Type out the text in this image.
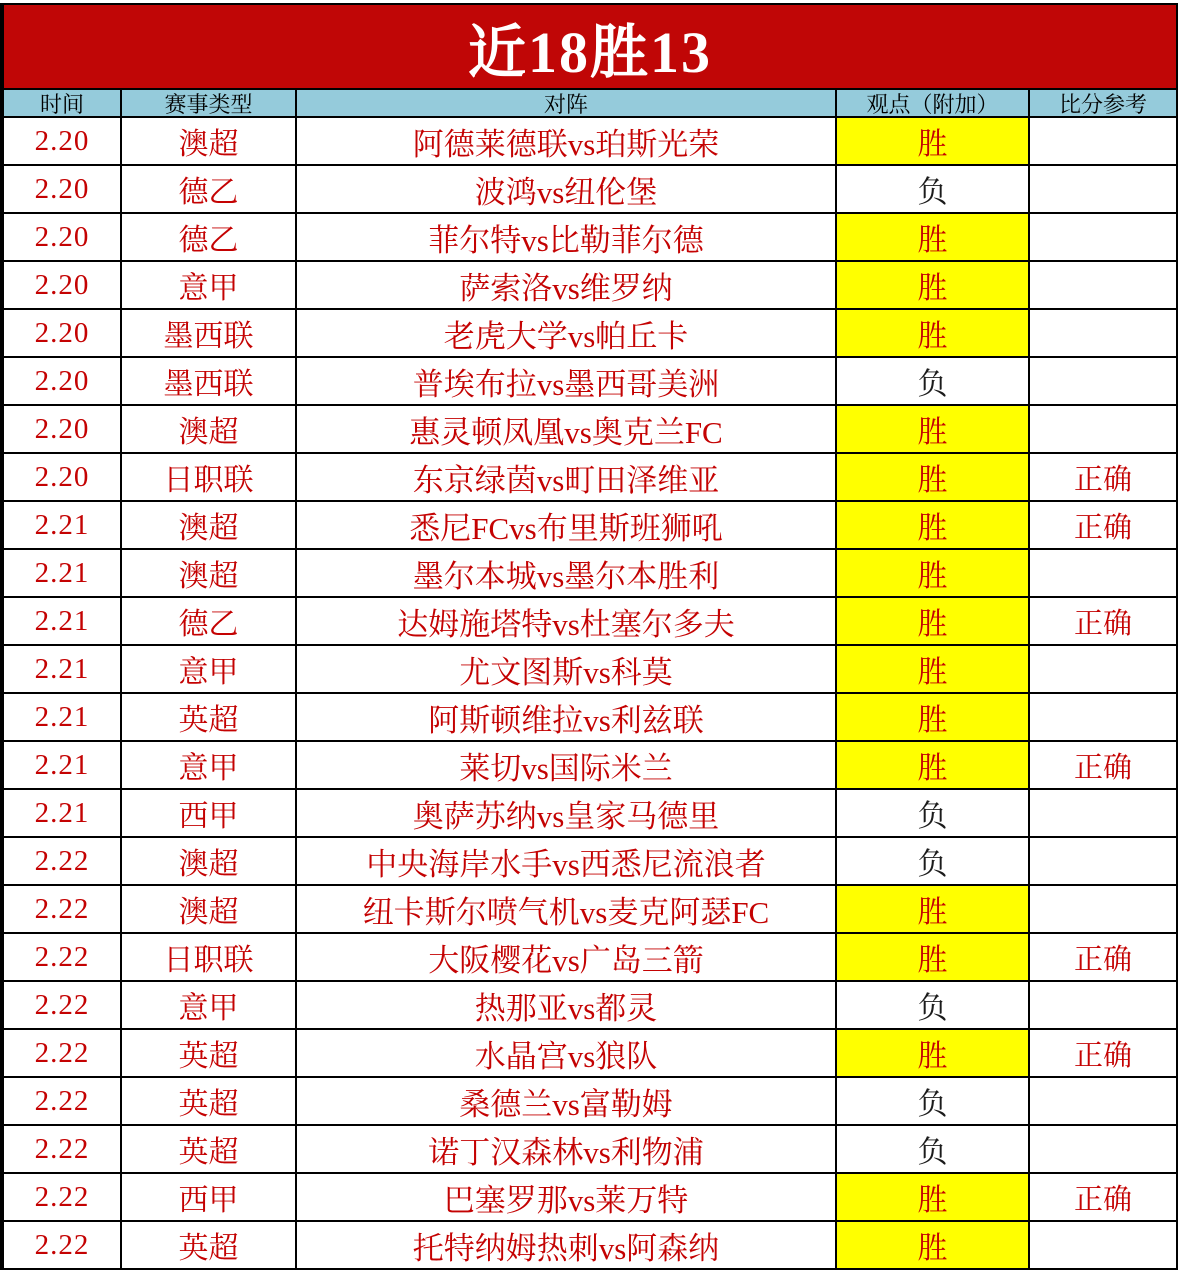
近18胜13
时间	赛事类型	对阵	观点（附加）	比分参考
2.20	澳超	阿德莱德联vs珀斯光荣	胜
2.20	德乙	波鸿vs纽伦堡	负
2.20	德乙	菲尔特vs比勒菲尔德	胜
2.20	意甲	萨索洛vs维罗纳	胜
2.20	墨西联	老虎大学vs帕丘卡	胜
2.20	墨西联	普埃布拉vs墨西哥美洲	负
2.20	澳超	惠灵顿凤凰vs奥克兰FC	胜
2.20	日职联	东京绿茵vs町田泽维亚	胜	正确
2.21	澳超	悉尼FCvs布里斯班狮吼	胜	正确
2.21	澳超	墨尔本城vs墨尔本胜利	胜
2.21	德乙	达姆施塔特vs杜塞尔多夫	胜	正确
2.21	意甲	尤文图斯vs科莫	胜
2.21	英超	阿斯顿维拉vs利兹联	胜
2.21	意甲	莱切vs国际米兰	胜	正确
2.21	西甲	奥萨苏纳vs皇家马德里	负
2.22	澳超	中央海岸水手vs西悉尼流浪者	负
2.22	澳超	纽卡斯尔喷气机vs麦克阿瑟FC	胜
2.22	日职联	大阪樱花vs广岛三箭	胜	正确
2.22	意甲	热那亚vs都灵	负
2.22	英超	水晶宫vs狼队	胜	正确
2.22	英超	桑德兰vs富勒姆	负
2.22	英超	诺丁汉森林vs利物浦	负
2.22	西甲	巴塞罗那vs莱万特	胜	正确
2.22	英超	托特纳姆热刺vs阿森纳	胜
